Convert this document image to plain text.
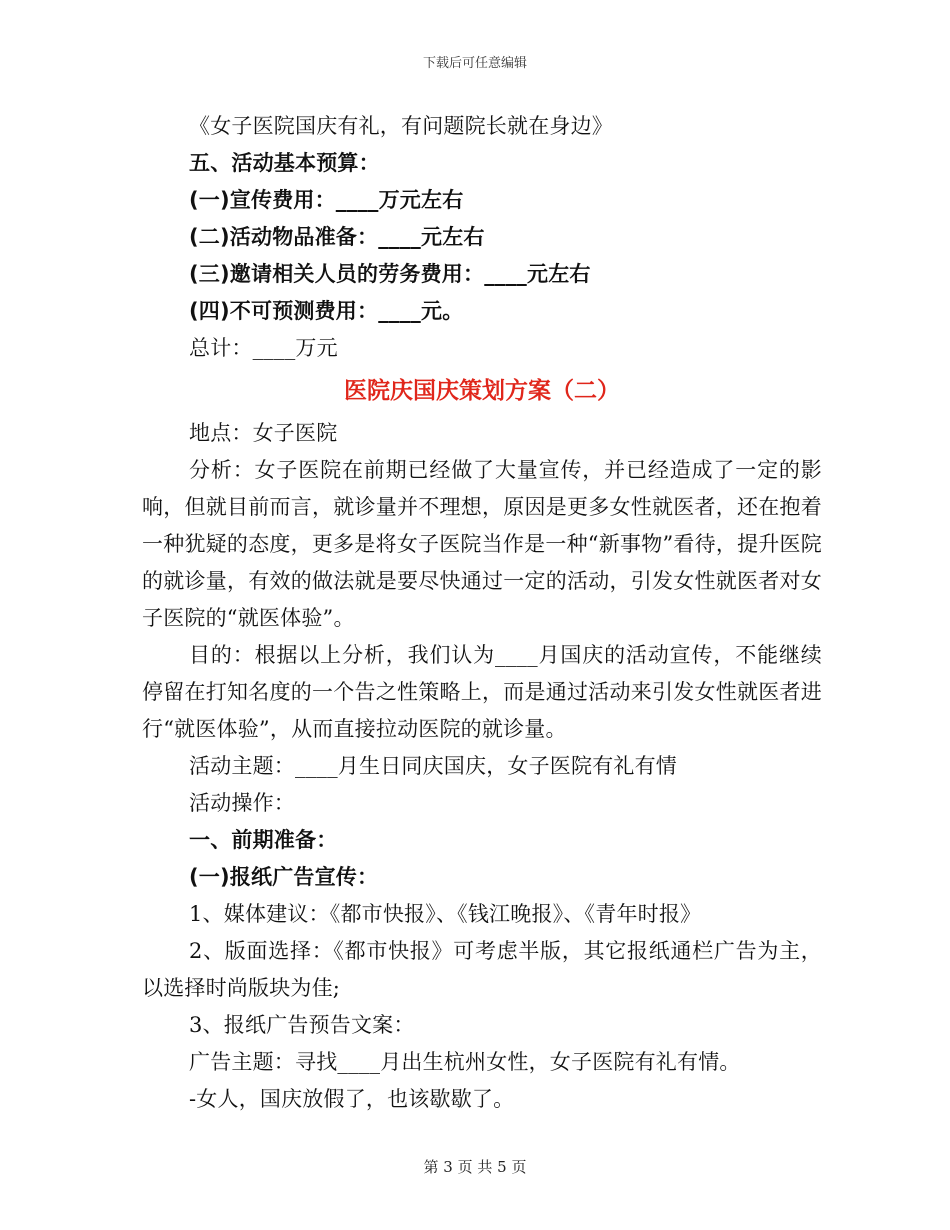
下载后可任意编辑

《女子医院国庆有礼，有问题院长就在身边》

五、活动基本预算：

(一)宣传费用：____万元左右

(二)活动物品准备：____元左右

(三)邀请相关人员的劳务费用：____元左右

(四)不可预测费用：____元。

总计：____万元

医院庆国庆策划方案（二）

地点：女子医院

分析：女子医院在前期已经做了大量宣传，并已经造成了一定的影响，但就目前而言，就诊量并不理想，原因是更多女性就医者，还在抱着一种犹疑的态度，更多是将女子医院当作是一种“新事物”看待，提升医院的就诊量，有效的做法就是要尽快通过一定的活动，引发女性就医者对女子医院的“就医体验”。

目的：根据以上分析，我们认为____月国庆的活动宣传，不能继续停留在打知名度的一个告之性策略上，而是通过活动来引发女性就医者进行“就医体验”，从而直接拉动医院的就诊量。

活动主题：____月生日同庆国庆，女子医院有礼有情

活动操作：

一、前期准备：

(一)报纸广告宣传：

1、媒体建议：《都市快报》、《钱江晚报》、《青年时报》

2、版面选择：《都市快报》可考虑半版，其它报纸通栏广告为主，以选择时尚版块为佳;

3、报纸广告预告文案：

广告主题：寻找____月出生杭州女性，女子医院有礼有情。

-女人，国庆放假了，也该歇歇了。

第 3 页 共 5 页
